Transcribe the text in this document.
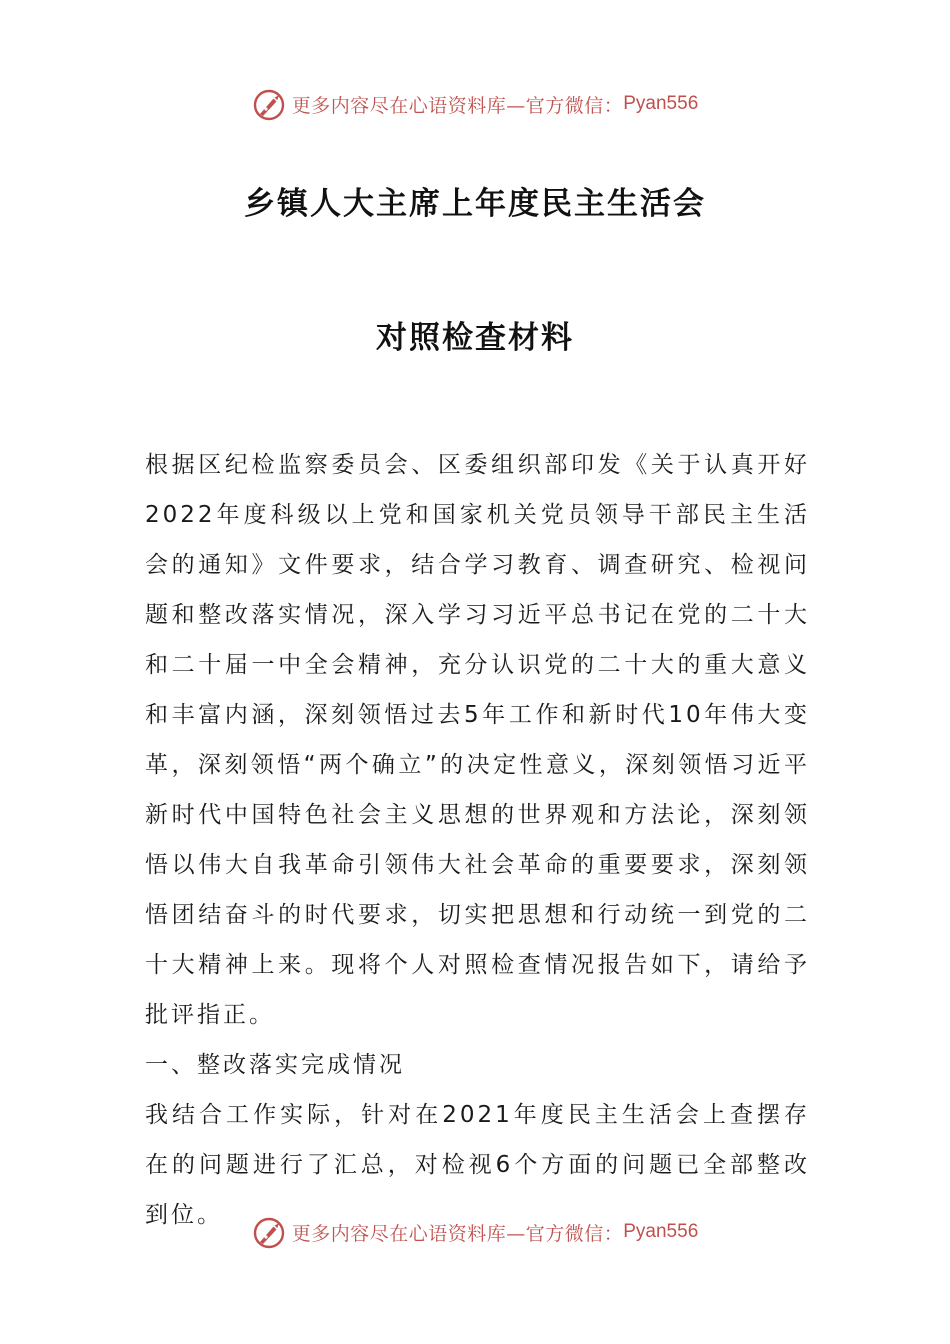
更多内容尽在心语资料库—官方微信： Pyan556
乡镇人大主席上年度民主生活会
对照检查材料

根据区纪检监察委员会、区委组织部印发《关于认真开好2022年度科级以上党和国家机关党员领导干部民主生活会的通知》文件要求，结合学习教育、调查研究、检视问题和整改落实情况，深入学习习近平总书记在党的二十大和二十届一中全会精神，充分认识党的二十大的重大意义和丰富内涵，深刻领悟过去5年工作和新时代10年伟大变革，深刻领悟“两个确立”的决定性意义，深刻领悟习近平新时代中国特色社会主义思想的世界观和方法论，深刻领悟以伟大自我革命引领伟大社会革命的重要要求，深刻领悟团结奋斗的时代要求，切实把思想和行动统一到党的二十大精神上来。现将个人对照检查情况报告如下，请给予批评指正。

一、整改落实完成情况

我结合工作实际，针对在2021年度民主生活会上查摆存在的问题进行了汇总，对检视6个方面的问题已全部整改到位。

更多内容尽在心语资料库—官方微信： Pyan556
